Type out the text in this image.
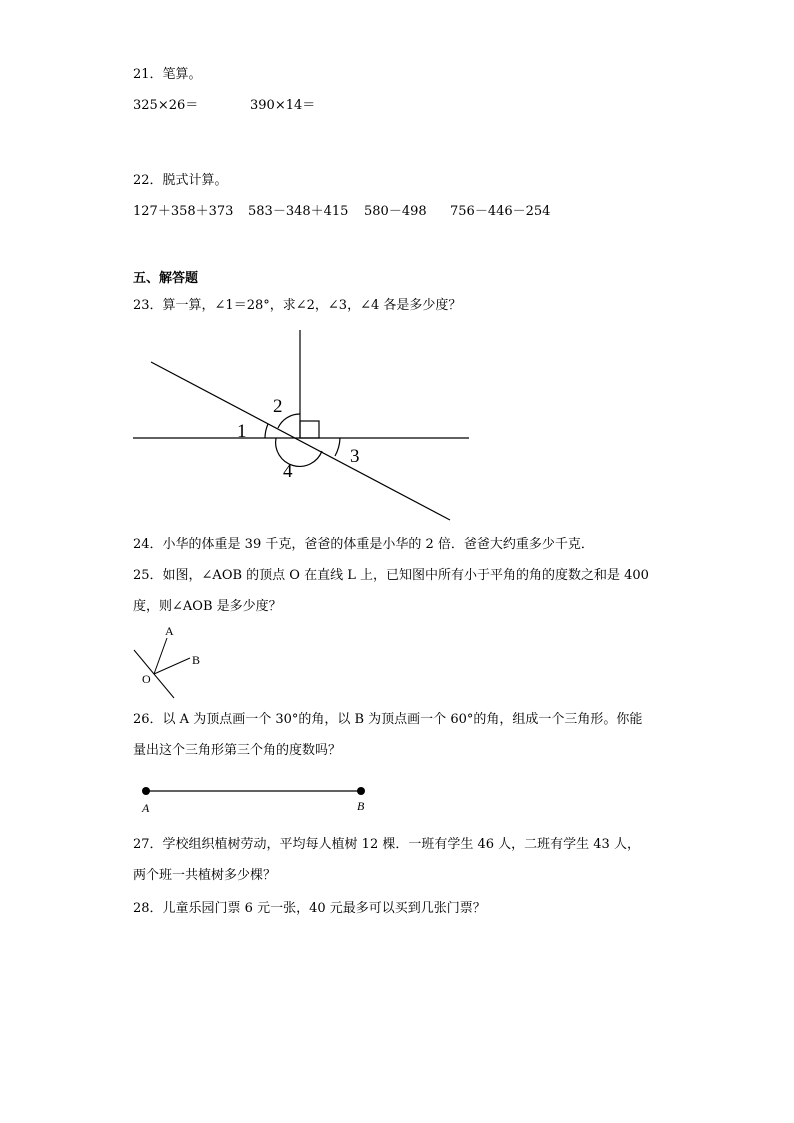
21．笔算。
325×26＝	390×14＝
22．脱式计算。
127＋358＋373 583－348＋415 580－498 756－446－254
五、解答题
23．算一算，∠1＝28°，求∠2，∠3，∠4 各是多少度？
1
2
3
4
24．小华的体重是 39 千克，爸爸的体重是小华的 2 倍．爸爸大约重多少千克．
25．如图，∠AOB 的顶点 O 在直线 L 上，已知图中所有小于平角的角的度数之和是 400
度，则∠AOB 是多少度？
A
B
O
26．以 A 为顶点画一个 30°的角，以 B 为顶点画一个 60°的角，组成一个三角形。你能
量出这个三角形第三个角的度数吗？
A	B
27．学校组织植树劳动，平均每人植树 12 棵．一班有学生 46 人，二班有学生 43 人，
两个班一共植树多少棵？
28．儿童乐园门票 6 元一张，40 元最多可以买到几张门票？
